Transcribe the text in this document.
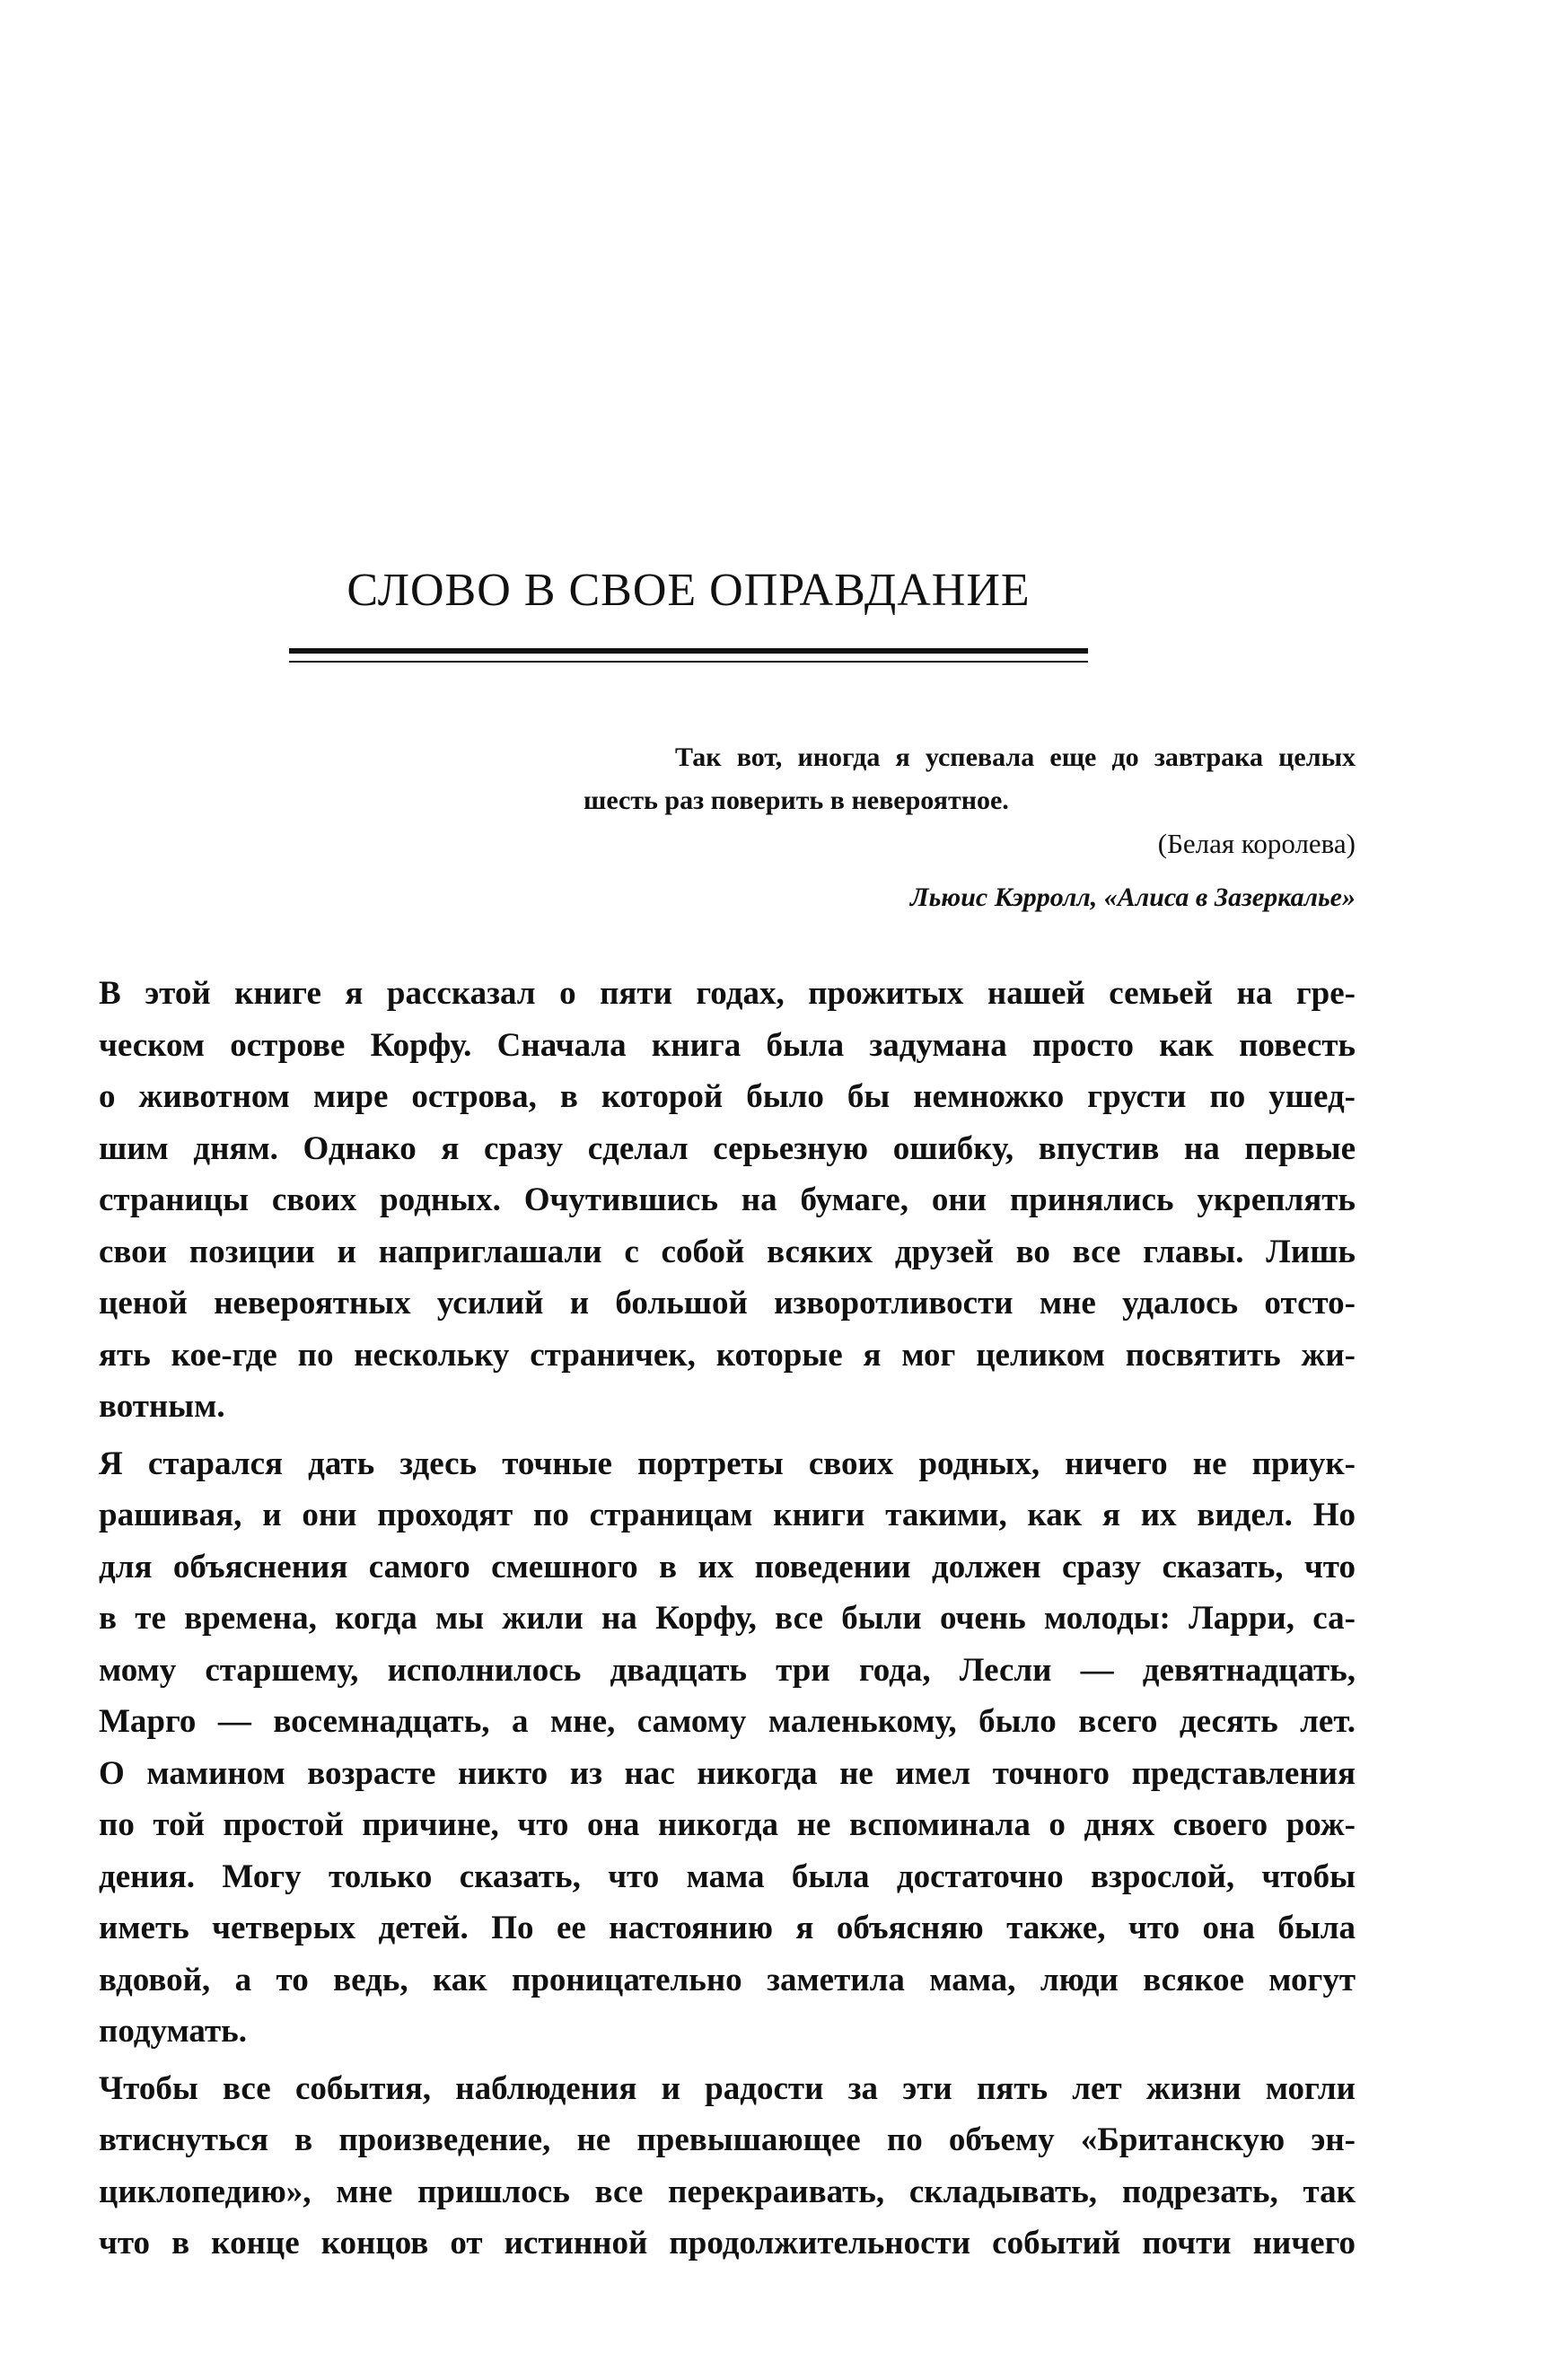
СЛОВО В СВОЕ ОПРАВДАНИЕ

Так вот, иногда я успевала еще до завтрака целых шесть раз поверить в невероятное.

(Белая королева)

Льюис Кэрролл, «Алиса в Зазеркалье»

В этой книге я рассказал о пяти годах, прожитых нашей семьей на гре-
ческом острове Корфу. Сначала книга была задумана просто как повесть
о животном мире острова, в которой было бы немножко грусти по ушед-
шим дням. Однако я сразу сделал серьезную ошибку, впустив на первые
страницы своих родных. Очутившись на бумаге, они принялись укреплять
свои позиции и наприглашали с собой всяких друзей во все главы. Лишь
ценой невероятных усилий и большой изворотливости мне удалось отсто-
ять кое-где по нескольку страничек, которые я мог целиком посвятить жи-
вотным.

Я старался дать здесь точные портреты своих родных, ничего не приук-
рашивая, и они проходят по страницам книги такими, как я их видел. Но
для объяснения самого смешного в их поведении должен сразу сказать, что
в те времена, когда мы жили на Корфу, все были очень молоды: Ларри, са-
мому старшему, исполнилось двадцать три года, Лесли — девятнадцать,
Марго — восемнадцать, а мне, самому маленькому, было всего десять лет.
О мамином возрасте никто из нас никогда не имел точного представления
по той простой причине, что она никогда не вспоминала о днях своего рож-
дения. Могу только сказать, что мама была достаточно взрослой, чтобы
иметь четверых детей. По ее настоянию я объясняю также, что она была
вдовой, а то ведь, как проницательно заметила мама, люди всякое могут
подумать.

Чтобы все события, наблюдения и радости за эти пять лет жизни могли
втиснуться в произведение, не превышающее по объему «Британскую эн-
циклопедию», мне пришлось все перекраивать, складывать, подрезать, так
что в конце концов от истинной продолжительности событий почти ничего
